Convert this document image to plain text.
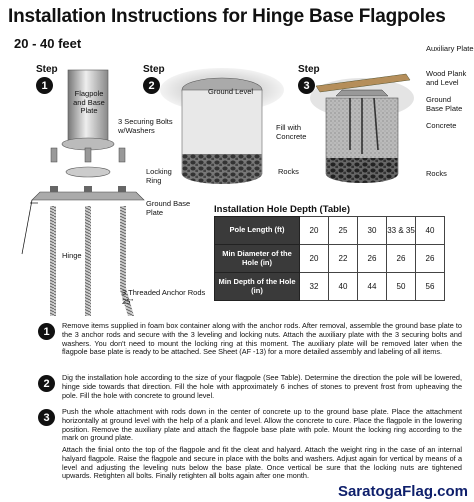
Installation Instructions for Hinge Base Flagpoles
20 - 40 feet
Step
1
Step
2
Step
3
Flagpole and Base Plate
3 Securing Bolts w/Washers
Locking Ring
Ground Base Plate
Hinge
3 Threaded Anchor Rods 25"
Ground Level
Fill with Concrete
Rocks
Auxiliary Plate
Wood Plank and Level
Ground Base Plate
Concrete
Rocks
Installation Hole Depth (Table)
Pole Length (ft)	20	25	30	33 & 35	40
Min Diameter of the Hole (in)	20	22	26	26	26
Min Depth of the Hole (in)	32	40	44	50	56
1	Remove items supplied in foam box container along with the anchor rods. After removal, assemble the ground base plate to the 3 anchor rods and secure with the 3 leveling and locking nuts. Attach the auxiliary plate with the 3 securing bolts and washers. You don't need to mount the locking ring at this moment. The auxiliary plate will be removed later when the flagpole base plate is ready to be attached. See Sheet (AF -13) for a more detailed assembly and labeling of all items.
2	Dig the installation hole according to the size of your flagpole (See Table). Determine the direction the pole will be lowered, hinge side towards that direction. Fill the hole with approximately 6 inches of stones to prevent frost from upheaving the pole. Fill the hole with concrete to ground level.
3	Push the whole attachment with rods down in the center of concrete up to the ground base plate. Place the attachment horizontally at ground level with the help of a plank and level. Allow the concrete to cure. Place the flagpole in the lowering position. Remove the auxiliary plate and attach the flagpole base plate with pole. Mount the locking ring according to the mark on ground plate.
Attach the finial onto the top of the flagpole and fit the cleat and halyard. Attach the weight ring in the case of an internal halyard flagpole. Raise the flagpole and secure in place with the bolts and washers. Adjust again for vertical by means of a level and adjusting the leveling nuts below the base plate. Once vertical be sure that the locking nuts are tightened upwards. Retighten all bolts. Finally retighten all bolts again after one month.
SaratogaFlag.com
